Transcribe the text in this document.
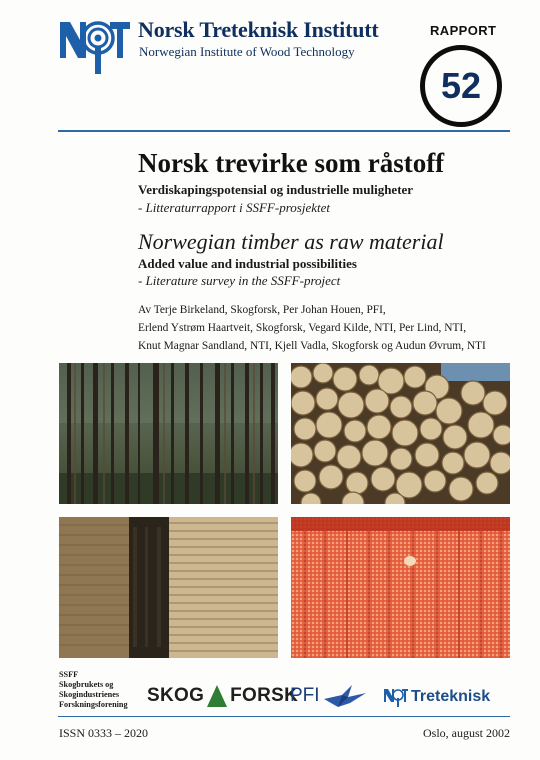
Norsk Treteknisk Institutt
Norwegian Institute of Wood Technology
RAPPORT
52
Norsk trevirke som råstoff
Verdiskapingspotensial og industrielle muligheter
- Litteraturrapport i SSFF-prosjektet
Norwegian timber as raw material
Added value and industrial possibilities
- Literature survey in the SSFF-project
Av Terje Birkeland, Skogforsk, Per Johan Houen, PFI,
Erlend Ystrøm Haartveit, Skogforsk, Vegard Kilde, NTI, Per Lind, NTI,
Knut Magnar Sandland, NTI, Kjell Vadla, Skogforsk og Audun Øvrum, NTI
SSFF
Skogbrukets og
Skogindustrienes
Forskningsforening SKOG FORSK
PFI	Treteknisk
ISSN 0333 – 2020	Oslo, august 2002
